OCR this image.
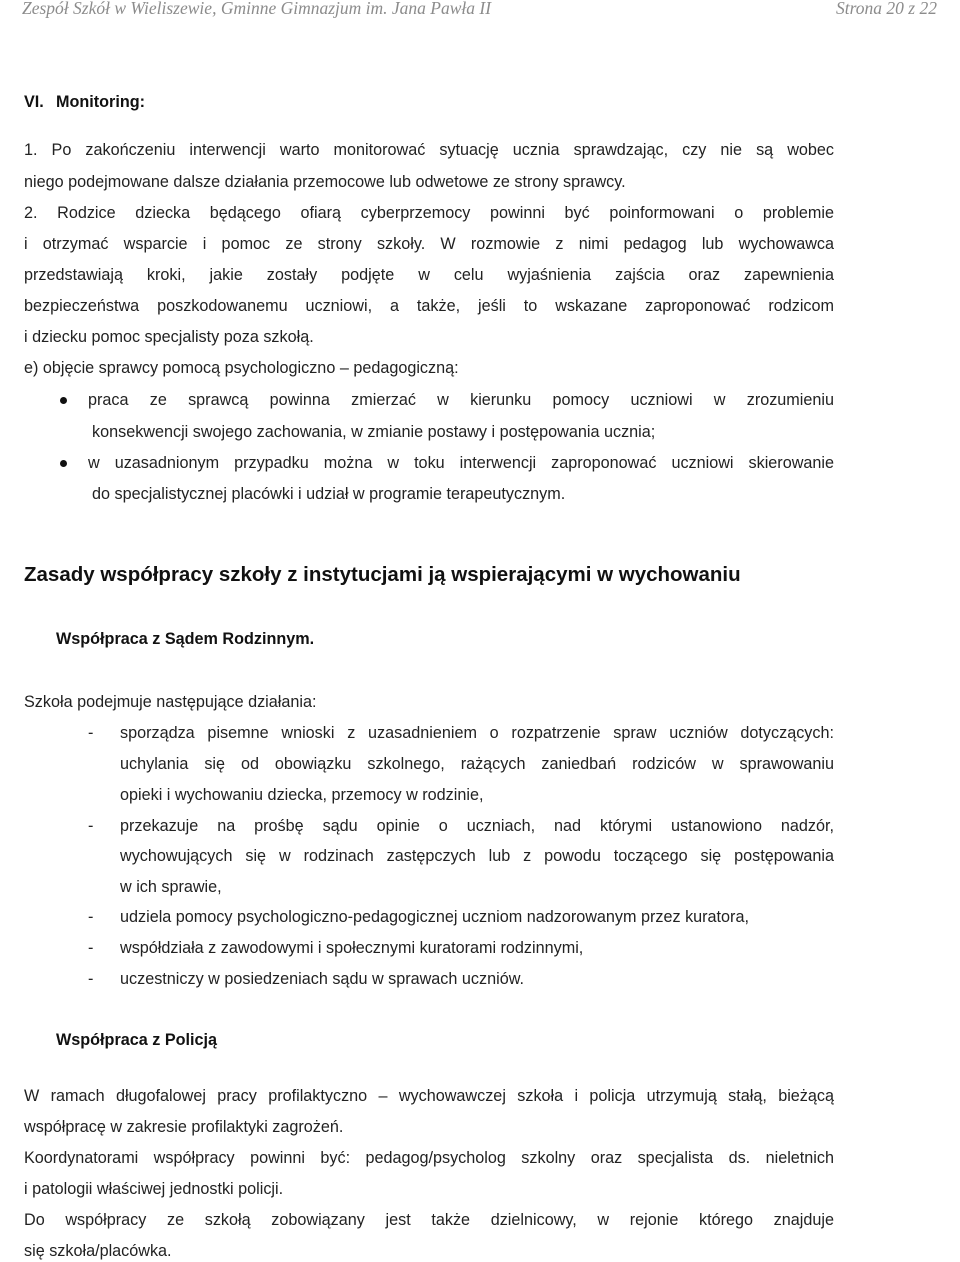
Zespół Szkół w Wieliszewie, Gminne Gimnazjum im. Jana Pawła II	Strona 20 z 22
VI. Monitoring:
1. Po zakończeniu interwencji warto monitorować sytuację ucznia sprawdzając, czy nie są wobec
niego podejmowane dalsze działania przemocowe lub odwetowe ze strony sprawcy.
2. Rodzice dziecka będącego ofiarą cyberprzemocy powinni być poinformowani o problemie
i otrzymać wsparcie i pomoc ze strony szkoły. W rozmowie z nimi pedagog lub wychowawca
przedstawiają kroki, jakie zostały podjęte w celu wyjaśnienia zajścia oraz zapewnienia
bezpieczeństwa poszkodowanemu uczniowi, a także, jeśli to wskazane zaproponować rodzicom
i dziecku pomoc specjalisty poza szkołą.
e) objęcie sprawcy pomocą psychologiczno – pedagogiczną:
praca ze sprawcą powinna zmierzać w kierunku pomocy uczniowi w zrozumieniu
konsekwencji swojego zachowania, w zmianie postawy i postępowania ucznia;
w uzasadnionym przypadku można w toku interwencji zaproponować uczniowi skierowanie
do specjalistycznej placówki i udział w programie terapeutycznym.
Zasady współpracy szkoły z instytucjami ją wspierającymi w wychowaniu
Współpraca z Sądem Rodzinnym.
Szkoła podejmuje następujące działania:
- sporządza pisemne wnioski z uzasadnieniem o rozpatrzenie spraw uczniów dotyczących:
uchylania się od obowiązku szkolnego, rażących zaniedbań rodziców w sprawowaniu
opieki i wychowaniu dziecka, przemocy w rodzinie,
- przekazuje na prośbę sądu opinie o uczniach, nad którymi ustanowiono nadzór,
wychowujących się w rodzinach zastępczych lub z powodu toczącego się postępowania
w ich sprawie,
- udziela pomocy psychologiczno-pedagogicznej uczniom nadzorowanym przez kuratora,
- współdziała z zawodowymi i społecznymi kuratorami rodzinnymi,
- uczestniczy w posiedzeniach sądu w sprawach uczniów.
Współpraca z Policją
W ramach długofalowej pracy profilaktyczno – wychowawczej szkoła i policja utrzymują stałą, bieżącą
współpracę w zakresie profilaktyki zagrożeń.
Koordynatorami współpracy powinni być: pedagog/psycholog szkolny oraz specjalista ds. nieletnich
i patologii właściwej jednostki policji.
Do współpracy ze szkołą zobowiązany jest także dzielnicowy, w rejonie którego znajduje
się szkoła/placówka.
